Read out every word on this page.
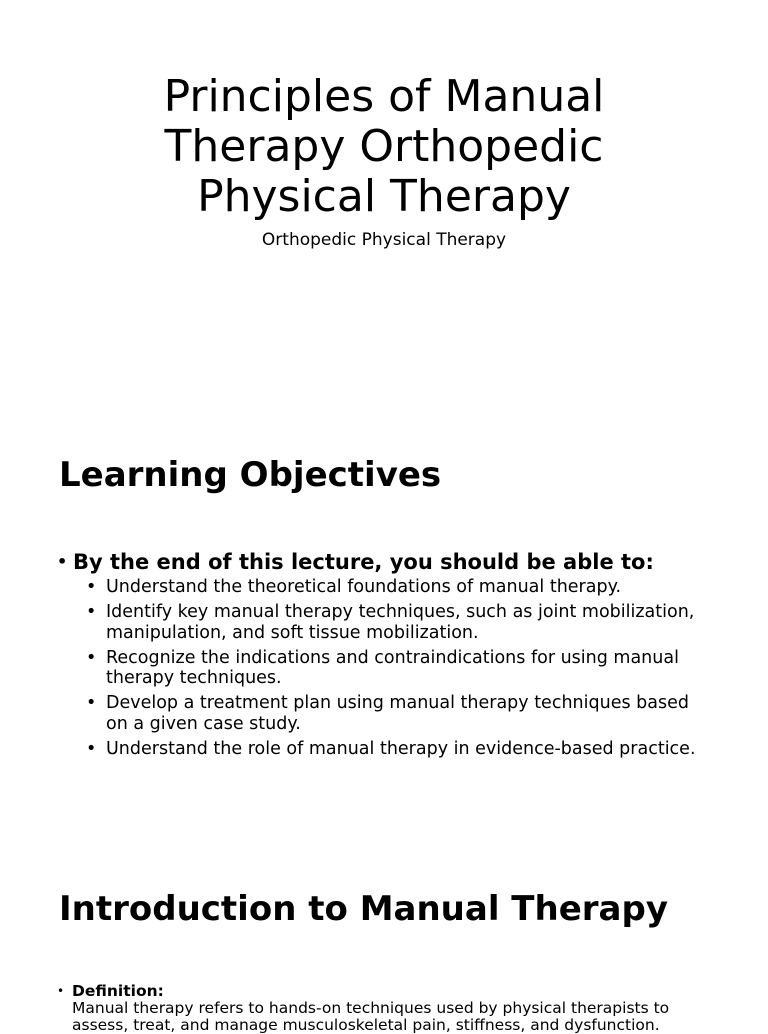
Principles of Manual Therapy Orthopedic Physical Therapy

Orthopedic Physical Therapy

Learning Objectives
• By the end of this lecture, you should be able to:
• Understand the theoretical foundations of manual therapy.
• Identify key manual therapy techniques, such as joint mobilization, manipulation, and soft tissue mobilization.
• Recognize the indications and contraindications for using manual therapy techniques.
• Develop a treatment plan using manual therapy techniques based on a given case study.
• Understand the role of manual therapy in evidence-based practice.
Introduction to Manual Therapy
• Definition:
Manual therapy refers to hands-on techniques used by physical therapists to assess, treat, and manage musculoskeletal pain, stiffness, and dysfunction.
